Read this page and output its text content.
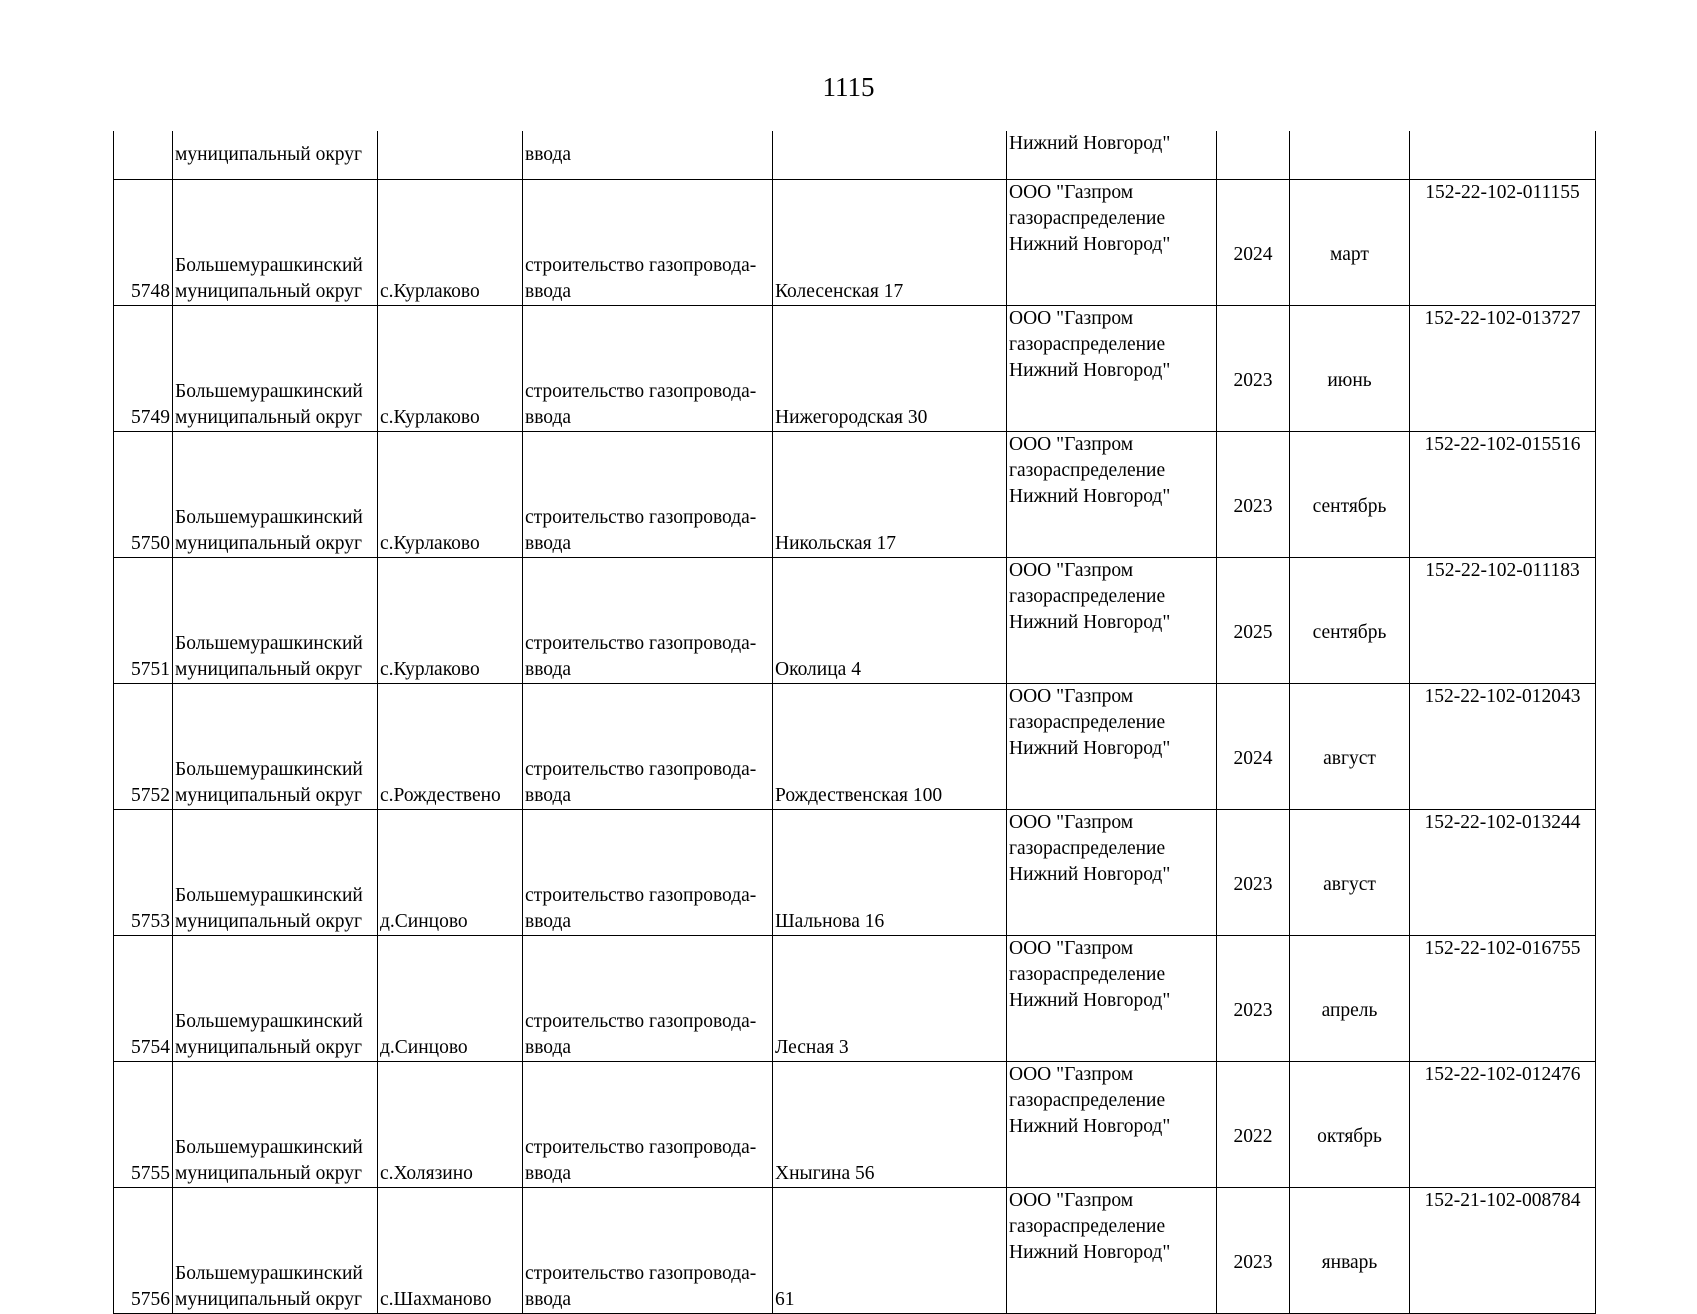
1115
	муниципальный округ		ввода		Нижний Новгород"			
5748	Большемурашкинский
муниципальный округ	с.Курлаково	строительство газопровода-
ввода	Колесенская 17	ООО "Газпром
газораспределение
Нижний Новгород"	2024	март	152-22-102-011155
5749	Большемурашкинский
муниципальный округ	с.Курлаково	строительство газопровода-
ввода	Нижегородская 30	ООО "Газпром
газораспределение
Нижний Новгород"	2023	июнь	152-22-102-013727
5750	Большемурашкинский
муниципальный округ	с.Курлаково	строительство газопровода-
ввода	Никольская 17	ООО "Газпром
газораспределение
Нижний Новгород"	2023	сентябрь	152-22-102-015516
5751	Большемурашкинский
муниципальный округ	с.Курлаково	строительство газопровода-
ввода	Околица 4	ООО "Газпром
газораспределение
Нижний Новгород"	2025	сентябрь	152-22-102-011183
5752	Большемурашкинский
муниципальный округ	с.Рождествено	строительство газопровода-
ввода	Рождественская 100	ООО "Газпром
газораспределение
Нижний Новгород"	2024	август	152-22-102-012043
5753	Большемурашкинский
муниципальный округ	д.Синцово	строительство газопровода-
ввода	Шальнова 16	ООО "Газпром
газораспределение
Нижний Новгород"	2023	август	152-22-102-013244
5754	Большемурашкинский
муниципальный округ	д.Синцово	строительство газопровода-
ввода	Лесная 3	ООО "Газпром
газораспределение
Нижний Новгород"	2023	апрель	152-22-102-016755
5755	Большемурашкинский
муниципальный округ	с.Холязино	строительство газопровода-
ввода	Хныгина 56	ООО "Газпром
газораспределение
Нижний Новгород"	2022	октябрь	152-22-102-012476
5756	Большемурашкинский
муниципальный округ	с.Шахманово	строительство газопровода-
ввода	61	ООО "Газпром
газораспределение
Нижний Новгород"	2023	январь	152-21-102-008784
